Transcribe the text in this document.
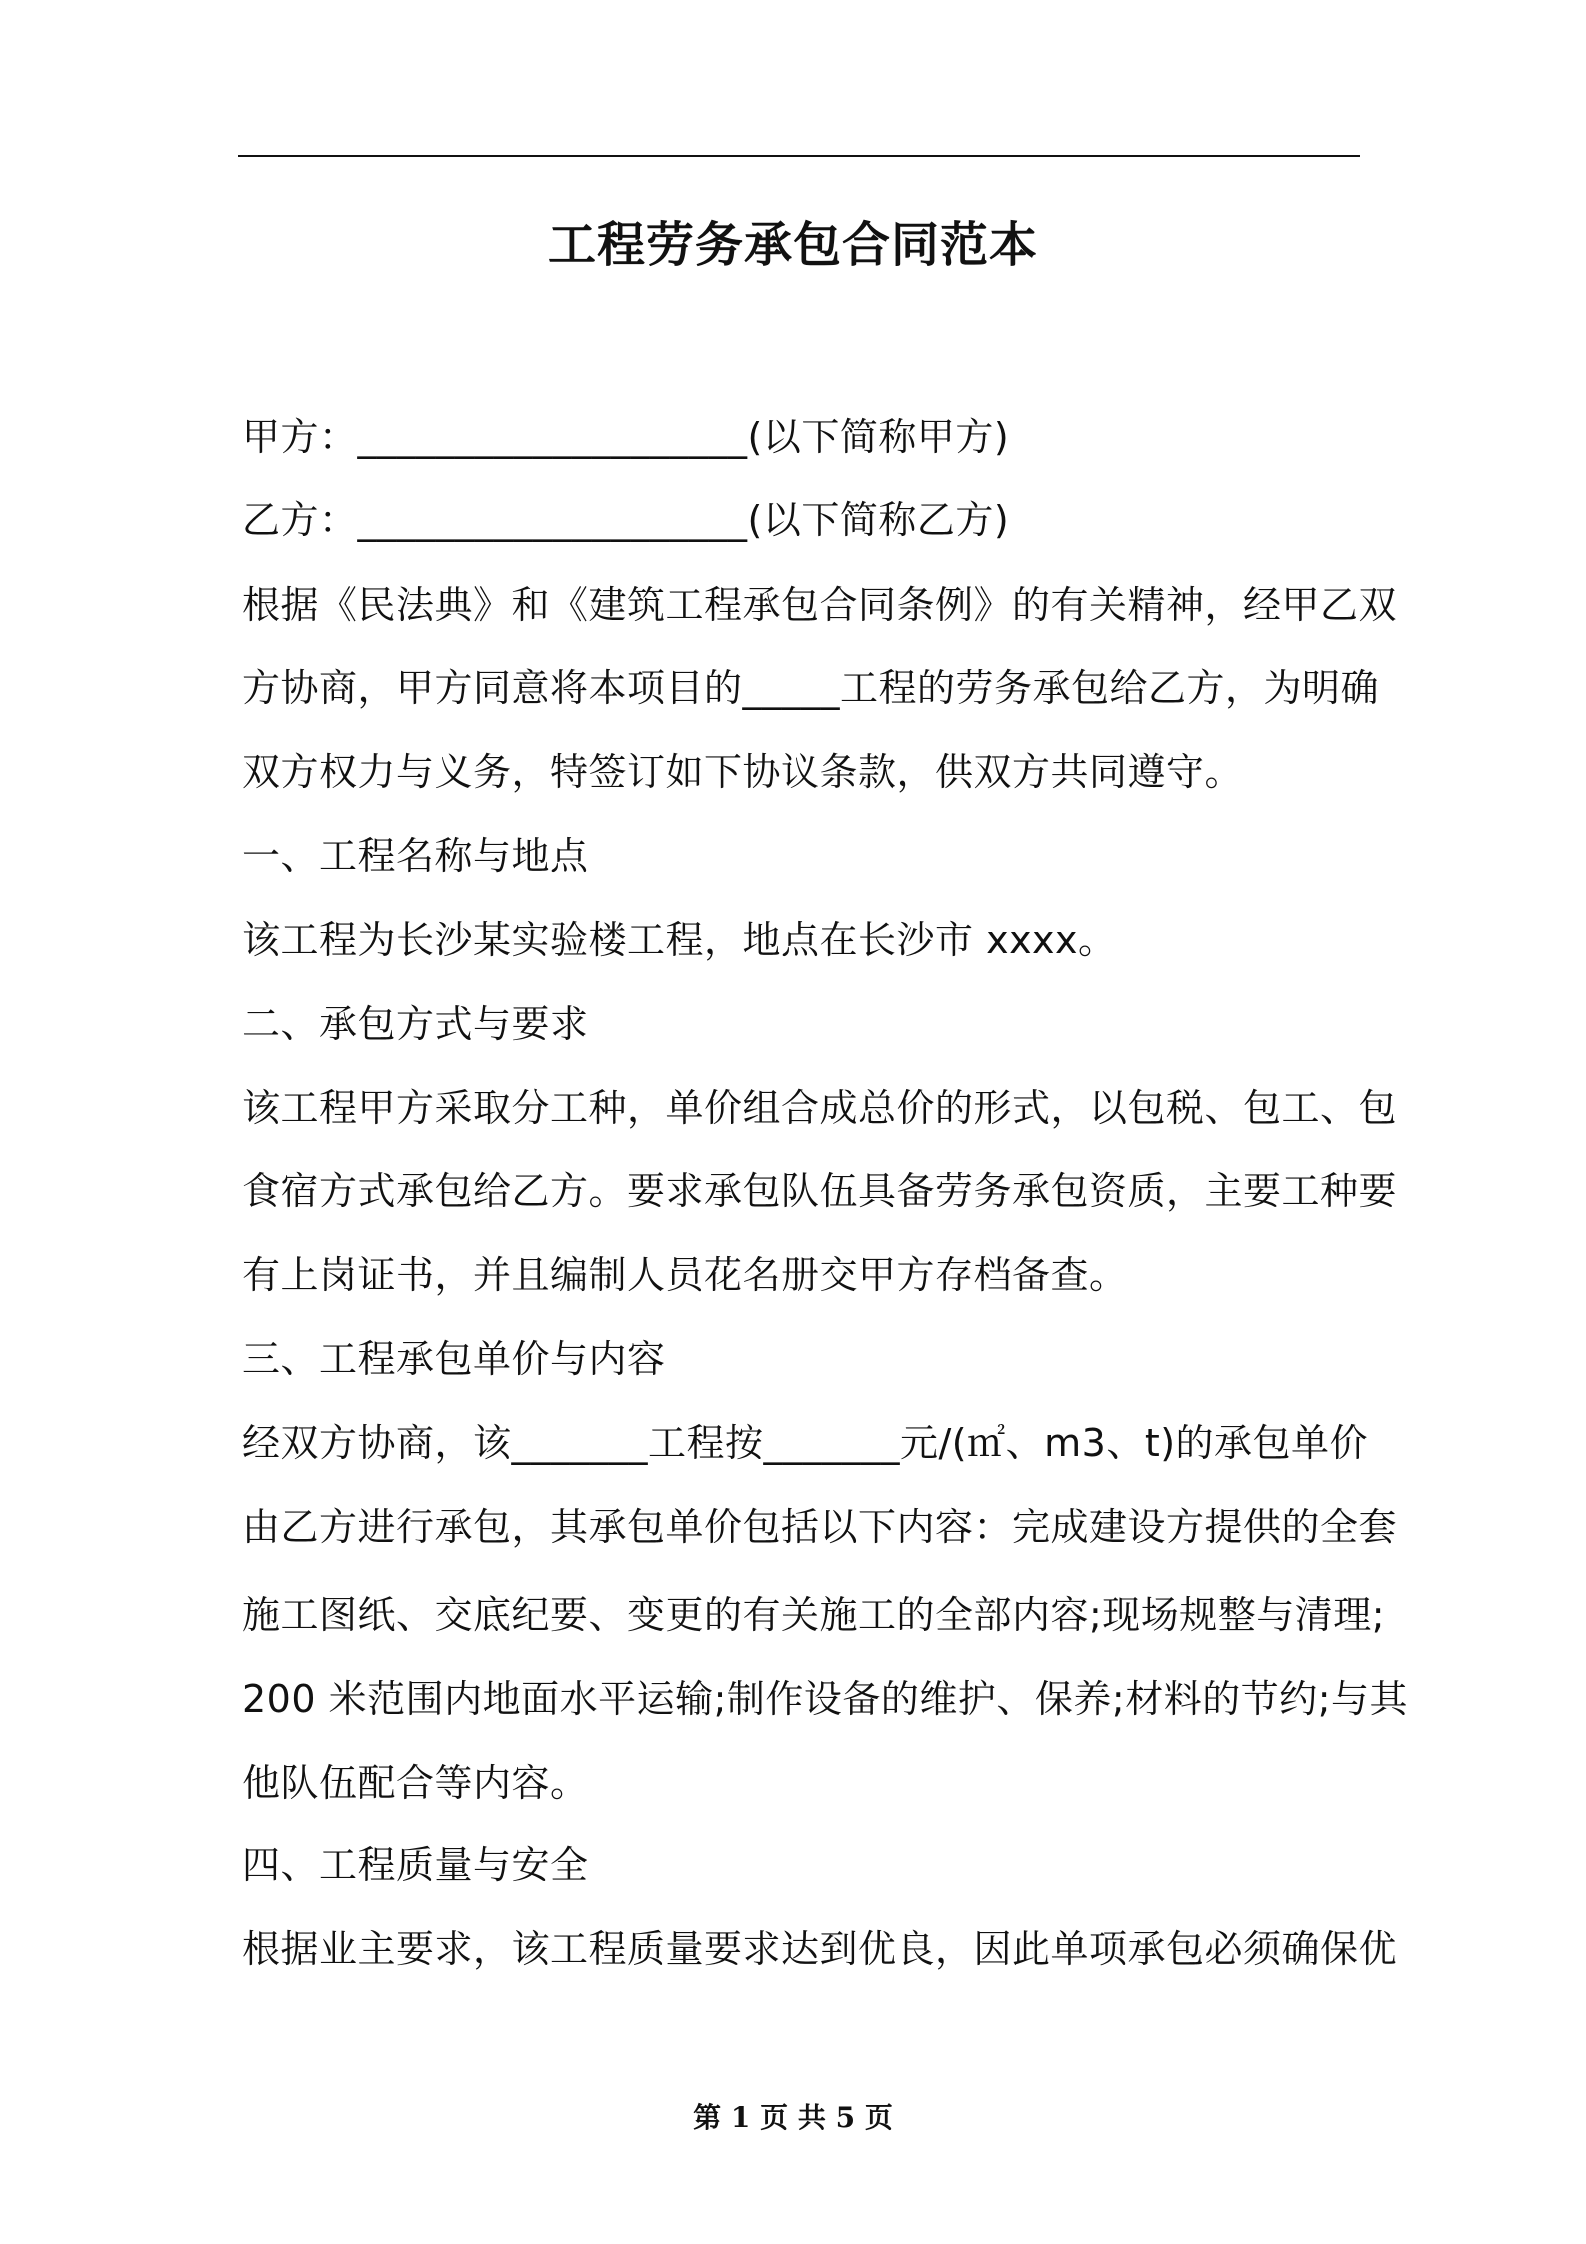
工程劳务承包合同范本
甲方：____________________(以下简称甲方)
乙方：____________________(以下简称乙方)
根据《民法典》和《建筑工程承包合同条例》的有关精神，经甲乙双
方协商，甲方同意将本项目的_____工程的劳务承包给乙方，为明确
双方权力与义务，特签订如下协议条款，供双方共同遵守。
一、工程名称与地点
该工程为长沙某实验楼工程，地点在长沙市 xxxx。
二、承包方式与要求
该工程甲方采取分工种，单价组合成总价的形式，以包税、包工、包
食宿方式承包给乙方。要求承包队伍具备劳务承包资质，主要工种要
有上岗证书，并且编制人员花名册交甲方存档备查。
三、工程承包单价与内容
经双方协商，该_______工程按_______元/(㎡、m3、t)的承包单价
由乙方进行承包，其承包单价包括以下内容：完成建设方提供的全套
施工图纸、交底纪要、变更的有关施工的全部内容;现场规整与清理;
200 米范围内地面水平运输;制作设备的维护、保养;材料的节约;与其
他队伍配合等内容。
四、工程质量与安全
根据业主要求，该工程质量要求达到优良，因此单项承包必须确保优
第 1 页 共 5 页
